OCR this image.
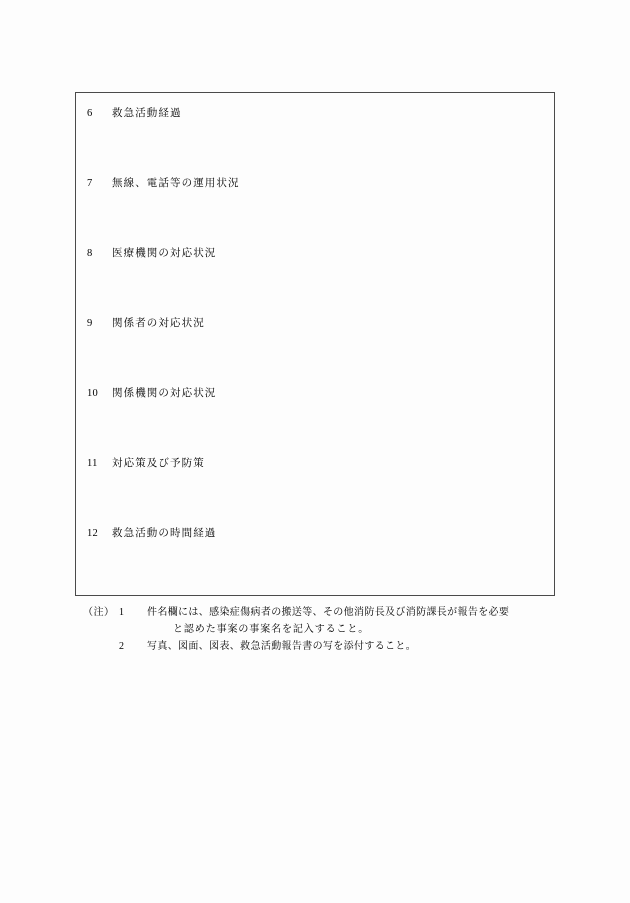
6	救急活動経過
7	無線、電話等の運用状況
8	医療機関の対応状況
9	関係者の対応状況
10	関係機関の対応状況
11	対応策及び予防策
12	救急活動の時間経過
（注） 1	件名欄には、感染症傷病者の搬送等、その他消防長及び消防課長が報告を必要
と認めた事案の事案名を記入すること。
2	写真、図面、図表、救急活動報告書の写を添付すること。
